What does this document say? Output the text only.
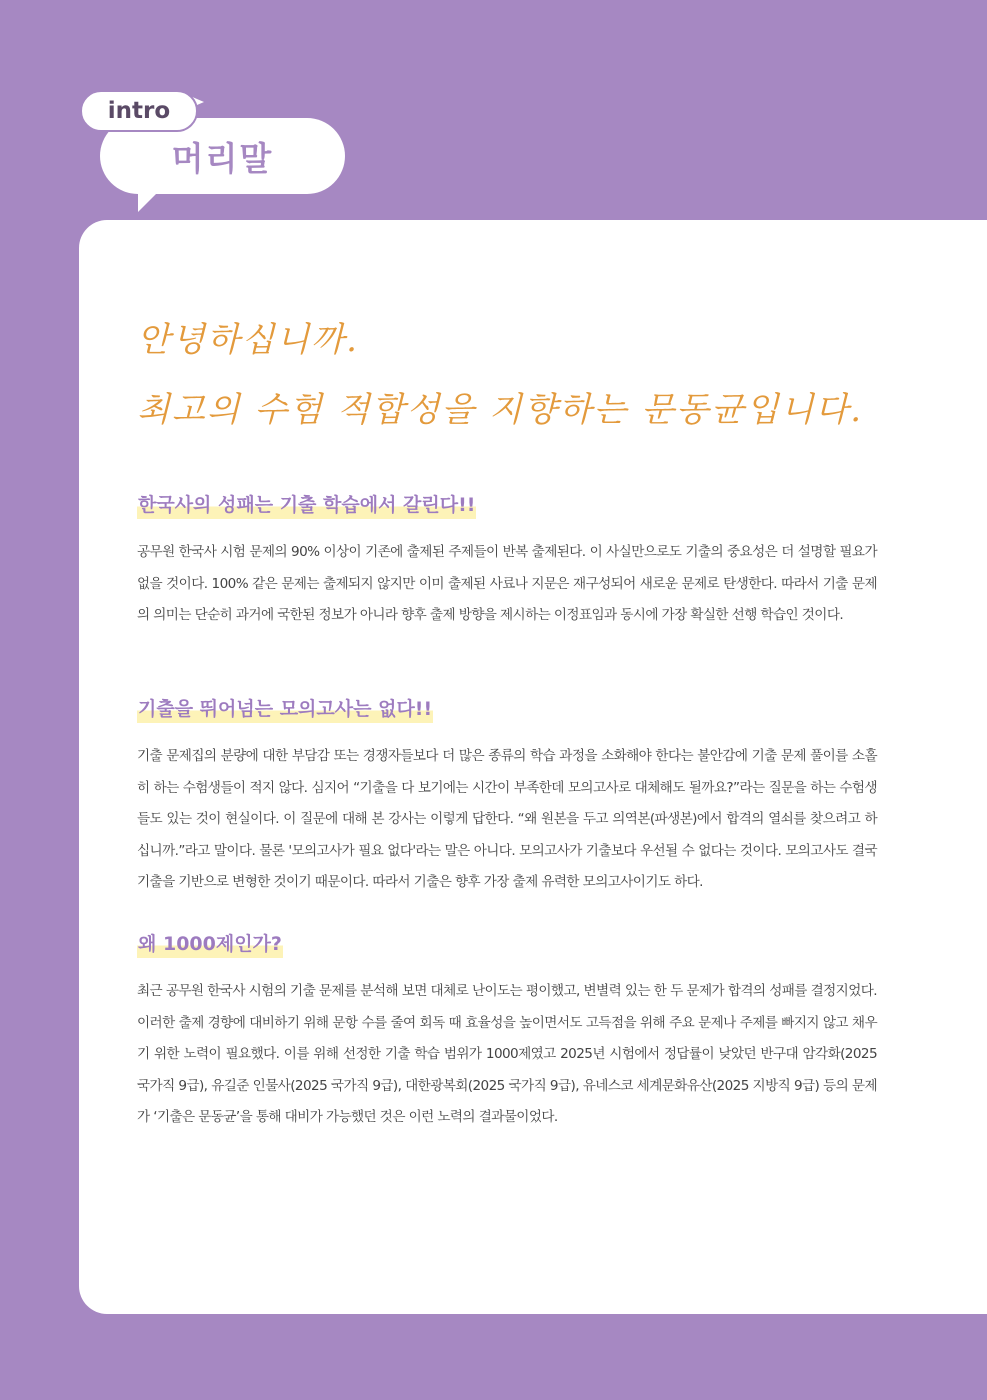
머리말
intro
안녕하십니까.
최고의 수험 적합성을 지향하는 문동균입니다.
한국사의 성패는 기출 학습에서 갈린다!!
공무원 한국사 시험 문제의 90% 이상이 기존에 출제된 주제들이 반복 출제된다. 이 사실만으로도 기출의 중요성은 더 설명할 필요가 없을 것이다. 100% 같은 문제는 출제되지 않지만 이미 출제된 사료나 지문은 재구성되어 새로운 문제로 탄생한다. 따라서 기출 문제의 의미는 단순히 과거에 국한된 정보가 아니라 향후 출제 방향을 제시하는 이정표임과 동시에 가장 확실한 선행 학습인 것이다.
기출을 뛰어넘는 모의고사는 없다!!
기출 문제집의 분량에 대한 부담감 또는 경쟁자들보다 더 많은 종류의 학습 과정을 소화해야 한다는 불안감에 기출 문제 풀이를 소홀히 하는 수험생들이 적지 않다. 심지어 “기출을 다 보기에는 시간이 부족한데 모의고사로 대체해도 될까요?”라는 질문을 하는 수험생들도 있는 것이 현실이다. 이 질문에 대해 본 강사는 이렇게 답한다. “왜 원본을 두고 의역본(파생본)에서 합격의 열쇠를 찾으려고 하십니까.”라고 말이다. 물론 '모의고사가 필요 없다'라는 말은 아니다. 모의고사가 기출보다 우선될 수 없다는 것이다. 모의고사도 결국 기출을 기반으로 변형한 것이기 때문이다. 따라서 기출은 향후 가장 출제 유력한 모의고사이기도 하다.
왜 1000제인가?
최근 공무원 한국사 시험의 기출 문제를 분석해 보면 대체로 난이도는 평이했고, 변별력 있는 한 두 문제가 합격의 성패를 결정지었다. 이러한 출제 경향에 대비하기 위해 문항 수를 줄여 회독 때 효율성을 높이면서도 고득점을 위해 주요 문제나 주제를 빠지지 않고 채우기 위한 노력이 필요했다. 이를 위해 선정한 기출 학습 범위가 1000제였고 2025년 시험에서 정답률이 낮았던 반구대 암각화(2025 국가직 9급), 유길준 인물사(2025 국가직 9급), 대한광복회(2025 국가직 9급), 유네스코 세계문화유산(2025 지방직 9급) 등의 문제가 ‘기출은 문동균’을 통해 대비가 가능했던 것은 이런 노력의 결과물이었다.
